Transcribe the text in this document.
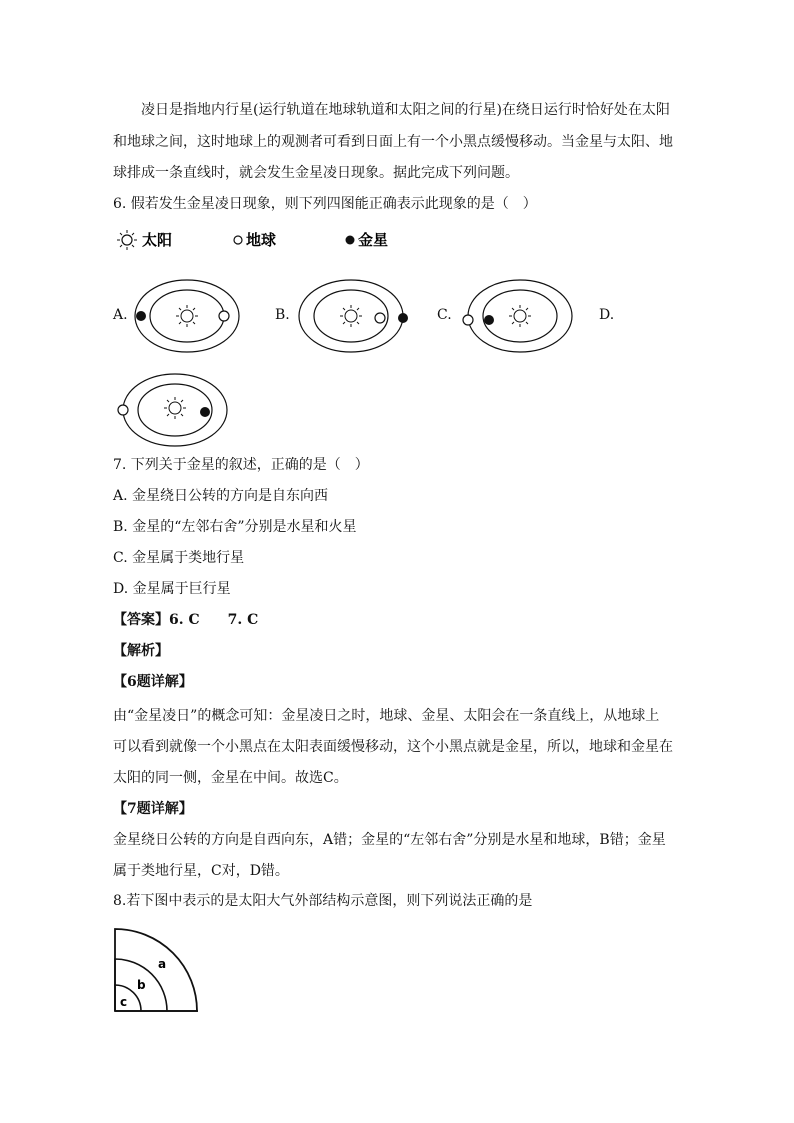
凌日是指地内行星(运行轨道在地球轨道和太阳之间的行星)在绕日运行时恰好处在太阳
和地球之间，这时地球上的观测者可看到日面上有一个小黑点缓慢移动。当金星与太阳、地
球排成一条直线时，就会发生金星凌日现象。据此完成下列问题。
6. 假若发生金星凌日现象，则下列四图能正确表示此现象的是（　）
太阳	地球	金星
A.	B.	C.	D.
7. 下列关于金星的叙述，正确的是（　）
A. 金星绕日公转的方向是自东向西
B. 金星的“左邻右舍”分别是水星和火星
C. 金星属于类地行星
D. 金星属于巨行星
【答案】6. C　　7. C
【解析】
【6题详解】
由“金星凌日”的概念可知：金星凌日之时，地球、金星、太阳会在一条直线上，从地球上
可以看到就像一个小黑点在太阳表面缓慢移动，这个小黑点就是金星，所以，地球和金星在
太阳的同一侧，金星在中间。故选C。
【7题详解】
金星绕日公转的方向是自西向东，A错；金星的“左邻右舍”分别是水星和地球，B错；金星
属于类地行星，C对，D错。
8.若下图中表示的是太阳大气外部结构示意图，则下列说法正确的是
a
b
c
